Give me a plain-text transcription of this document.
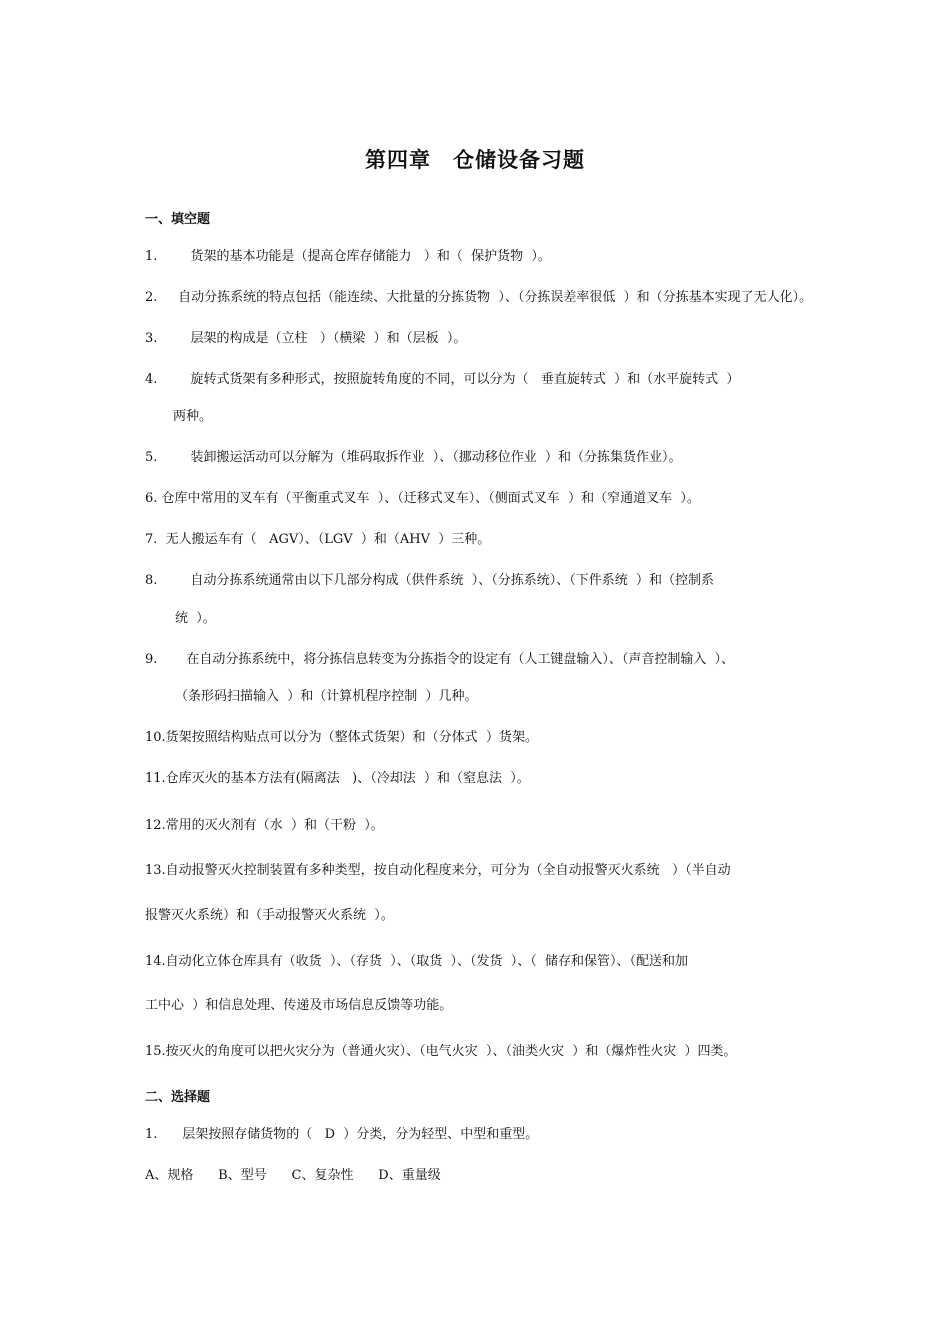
第四章　仓储设备习题
一、填空题
1.        货架的基本功能是（提高仓库存储能力   ）和（  保护货物  ）。
2.     自动分拣系统的特点包括（能连续、大批量的分拣货物  ）、（分拣误差率很低  ）和（分拣基本实现了无人化）。
3.        层架的构成是（立柱   ）（横梁  ）和（层板  ）。
4.        旋转式货架有多种形式，按照旋转角度的不同，可以分为（   垂直旋转式  ）和（水平旋转式  ）
两种。
5.        装卸搬运活动可以分解为（堆码取拆作业  ）、（挪动移位作业  ）和（分拣集货作业）。
6. 仓库中常用的叉车有（平衡重式叉车  ）、（迁移式叉车）、（侧面式叉车  ）和（窄通道叉车  ）。
7.  无人搬运车有（   AGV）、（LGV  ）和（AHV  ）三种。
8.        自动分拣系统通常由以下几部分构成（供件系统  ）、（分拣系统）、（下件系统  ）和（控制系
统  ）。
9.       在自动分拣系统中，将分拣信息转变为分拣指令的设定有（人工键盘输入）、（声音控制输入  ）、
（条形码扫描输入  ）和（计算机程序控制  ）几种。
10.货架按照结构贴点可以分为（整体式货架）和（分体式  ）货架。
11.仓库灭火的基本方法有(隔离法   )、（冷却法  ）和（窒息法  ）。
12.常用的灭火剂有（水  ）和（干粉  ）。
13.自动报警灭火控制装置有多种类型，按自动化程度来分，可分为（全自动报警灭火系统   ）（半自动
报警灭火系统）和（手动报警灭火系统  ）。
14.自动化立体仓库具有（收货  ）、（存货  ）、（取货  ）、（发货  ）、（  储存和保管）、（配送和加
工中心  ）和信息处理、传递及市场信息反馈等功能。
15.按灭火的角度可以把火灾分为（普通火灾）、（电气火灾  ）、（油类火灾  ）和（爆炸性火灾  ）四类。
二、选择题
1.      层架按照存储货物的（   D  ）分类，分为轻型、中型和重型。
A、规格      B、型号      C、复杂性      D、重量级
